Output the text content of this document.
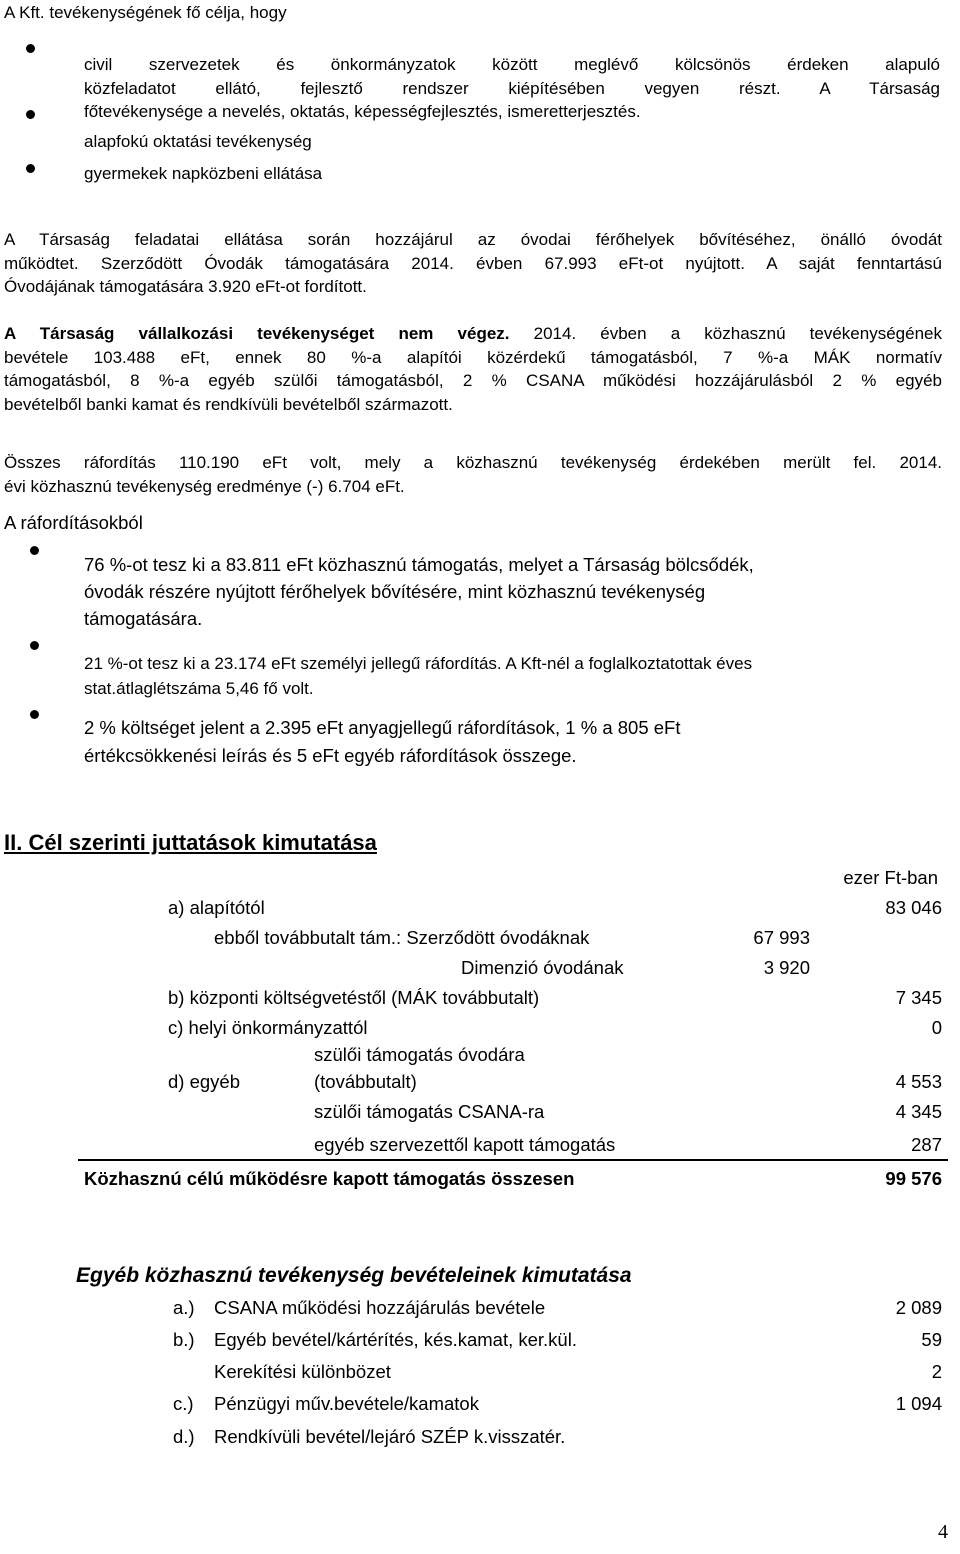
A Kft. tevékenységének fő célja, hogy
civil szervezetek és önkormányzatok között meglévő kölcsönös érdeken alapuló
közfeladatot ellátó, fejlesztő rendszer kiépítésében vegyen részt. A Társaság
főtevékenysége a nevelés, oktatás, képességfejlesztés, ismeretterjesztés.
alapfokú oktatási tevékenység
gyermekek napközbeni ellátása
A Társaság feladatai ellátása során hozzájárul az óvodai férőhelyek bővítéséhez, önálló óvodát
működtet. Szerződött Óvodák támogatására 2014. évben 67.993 eFt-ot nyújtott. A saját fenntartású
Óvodájának támogatására 3.920 eFt-ot fordított.
A Társaság vállalkozási tevékenységet nem végez. 2014. évben a közhasznú tevékenységének
bevétele 103.488 eFt, ennek 80 %-a alapítói közérdekű támogatásból, 7 %-a MÁK normatív
támogatásból, 8 %-a egyéb szülői támogatásból, 2 % CSANA működési hozzájárulásból 2 % egyéb
bevételből banki kamat és rendkívüli bevételből származott.
Összes ráfordítás 110.190 eFt volt, mely a közhasznú tevékenység érdekében merült fel. 2014.
évi közhasznú tevékenység eredménye (-) 6.704 eFt.
A ráfordításokból
76 %-ot tesz ki a 83.811 eFt közhasznú támogatás, melyet a Társaság bölcsődék,
óvodák részére nyújtott férőhelyek bővítésére, mint közhasznú tevékenység
támogatására.
21 %-ot tesz ki a 23.174 eFt személyi jellegű ráfordítás. A Kft-nél a foglalkoztatottak éves
stat.átlaglétszáma 5,46 fő volt.
2 % költséget jelent a 2.395 eFt anyagjellegű ráfordítások, 1 % a 805 eFt
értékcsökkenési leírás és 5 eFt egyéb ráfordítások összege.
II. Cél szerinti juttatások kimutatása
ezer Ft-ban
a) alapítótól	83 046
ebből továbbutalt tám.: Szerződött óvodáknak	67 993
Dimenzió óvodának	3 920
b) központi költségvetéstől (MÁK továbbutalt)	7 345
c) helyi önkormányzattól	0
szülői támogatás óvodára
d) egyéb	(továbbutalt)	4 553
szülői támogatás CSANA-ra	4 345
egyéb szervezettől kapott támogatás	287
Közhasznú célú működésre kapott támogatás összesen	99 576
Egyéb közhasznú tevékenység bevételeinek kimutatása
a.) CSANA működési hozzájárulás bevétele	2 089
b.) Egyéb bevétel/kártérítés, kés.kamat, ker.kül.	59
Kerekítési különbözet	2
c.) Pénzügyi műv.bevétele/kamatok	1 094
d.) Rendkívüli bevétel/lejáró SZÉP k.visszatér.
4
